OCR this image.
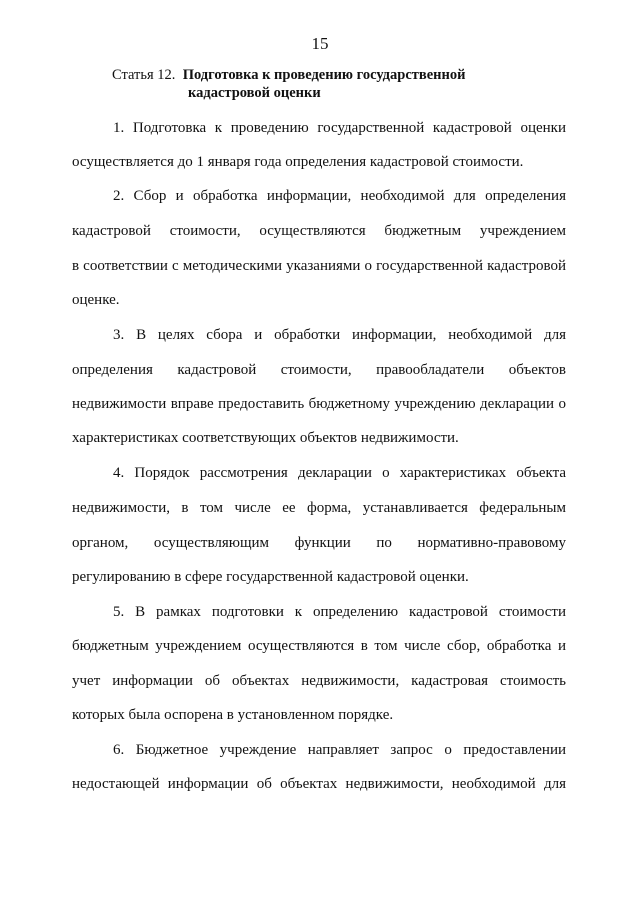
15
Статья 12. Подготовка к проведению государственной
кадастровой оценки
1. Подготовка к проведению государственной кадастровой оценки
осуществляется до 1 января года определения кадастровой стоимости.
2. Сбор и обработка информации, необходимой для определения
кадастровой стоимости, осуществляются бюджетным учреждением
в соответствии с методическими указаниями о государственной кадастровой
оценке.
3. В целях сбора и обработки информации, необходимой для
определения кадастровой стоимости, правообладатели объектов
недвижимости вправе предоставить бюджетному учреждению декларации о
характеристиках соответствующих объектов недвижимости.
4. Порядок рассмотрения декларации о характеристиках объекта
недвижимости, в том числе ее форма, устанавливается федеральным
органом, осуществляющим функции по нормативно-правовому
регулированию в сфере государственной кадастровой оценки.
5. В рамках подготовки к определению кадастровой стоимости
бюджетным учреждением осуществляются в том числе сбор, обработка и
учет информации об объектах недвижимости, кадастровая стоимость
которых была оспорена в установленном порядке.
6. Бюджетное учреждение направляет запрос о предоставлении
недостающей информации об объектах недвижимости, необходимой для
